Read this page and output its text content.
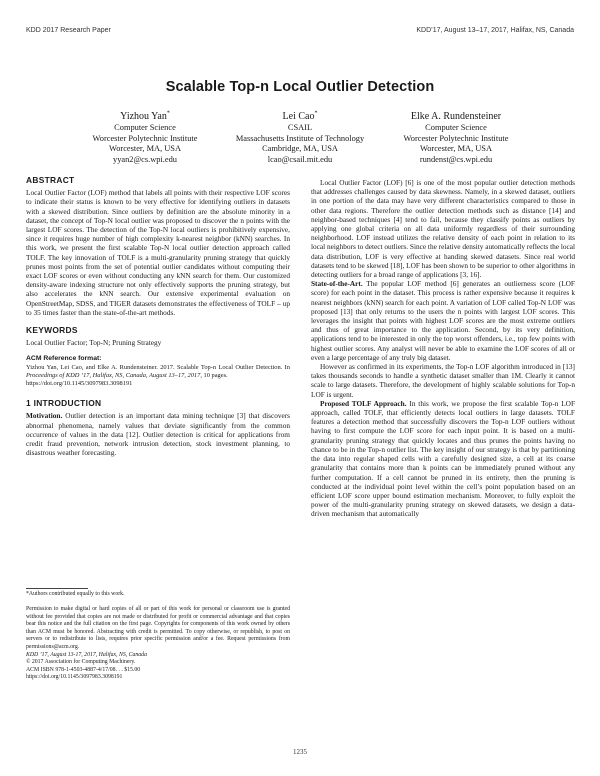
KDD 2017 Research Paper	KDD’17, August 13–17, 2017, Halifax, NS, Canada
Scalable Top-n Local Outlier Detection
Yizhou Yan*
Computer Science
Worcester Polytechnic Institute
Worcester, MA, USA
yyan2@cs.wpi.edu
Lei Cao*
CSAIL
Massachusetts Institute of Technology
Cambridge, MA, USA
lcao@csail.mit.edu
Elke A. Rundensteiner
Computer Science
Worcester Polytechnic Institute
Worcester, MA, USA
rundenst@cs.wpi.edu
ABSTRACT

Local Outlier Factor (LOF) method that labels all points with their respective LOF scores to indicate their status is known to be very effective for identifying outliers in datasets with a skewed distribution. Since outliers by definition are the absolute minority in a dataset, the concept of Top-N local outlier was proposed to discover the n points with the largest LOF scores. The detection of the Top-N local outliers is prohibitively expensive, since it requires huge number of high complexity k-nearest neighbor (kNN) searches. In this work, we present the first scalable Top-N local outlier detection approach called TOLF. The key innovation of TOLF is a multi-granularity pruning strategy that quickly prunes most points from the set of potential outlier candidates without computing their exact LOF scores or even without conducting any kNN search for them. Our customized density-aware indexing structure not only effectively supports the pruning strategy, but also accelerates the kNN search. Our extensive experimental evaluation on OpenStreetMap, SDSS, and TIGER datasets demonstrates the effectiveness of TOLF – up to 35 times faster than the state-of-the-art methods.

KEYWORDS

Local Outlier Factor; Top-N; Pruning Strategy

ACM Reference format:

Yizhou Yan, Lei Cao, and Elke A. Rundensteiner. 2017. Scalable Top-n Local Outlier Detection. In Proceedings of KDD ’17, Halifax, NS, Canada, August 13–17, 2017, 10 pages.

https://doi.org/10.1145/3097983.3098191

1 INTRODUCTION

Motivation. Outlier detection is an important data mining technique [3] that discovers abnormal phenomena, namely values that deviate significantly from the common occurrence of values in the data [12]. Outlier detection is critical for applications from credit fraud prevention, network intrusion detection, stock investment planning, to disastrous weather forecasting.

*Authors contributed equally to this work.

Permission to make digital or hard copies of all or part of this work for personal or classroom use is granted without fee provided that copies are not made or distributed for profit or commercial advantage and that copies bear this notice and the full citation on the first page. Copyrights for components of this work owned by others than ACM must be honored. Abstracting with credit is permitted. To copy otherwise, or republish, to post on servers or to redistribute to lists, requires prior specific permission and/or a fee. Request permissions from permissions@acm.org.

KDD ’17, August 13-17, 2017, Halifax, NS, Canada

© 2017 Association for Computing Machinery.

ACM ISBN 978-1-4503-4887-4/17/08. . . $15.00

https://doi.org/10.1145/3097983.3098191

Local Outlier Factor (LOF) [6] is one of the most popular outlier detection methods that addresses challenges caused by data skewness. Namely, in a skewed dataset, outliers in one portion of the data may have very different characteristics compared to those in other data regions. Therefore the outlier detection methods such as distance [14] and neighbor-based techniques [4] tend to fail, because they classify points as outliers by applying one global criteria on all data uniformly regardless of their surrounding neighborhood. LOF instead utilizes the relative density of each point in relation to its local neighbors to detect outliers. Since the relative density automatically reflects the local data distribution, LOF is very effective at handing skewed datasets. Since real world datasets tend to be skewed [18], LOF has been shown to be superior to other algorithms in detecting outliers for a broad range of applications [3, 16].

State-of-the-Art. The popular LOF method [6] generates an outlierness score (LOF score) for each point in the dataset. This process is rather expensive because it requires k nearest neighbors (kNN) search for each point. A variation of LOF called Top-N LOF was proposed [13] that only returns to the users the n points with largest LOF scores. This leverages the insight that points with highest LOF scores are the most extreme outliers and thus of great importance to the application. Second, by its very definition, applications tend to be interested in only the top worst offenders, i.e., top few points with highest outlier scores. Any analyst will never be able to examine the LOF scores of all or even a large percentage of any truly big dataset.

However as confirmed in its experiments, the Top-n LOF algorithm introduced in [13] takes thousands seconds to handle a synthetic dataset smaller than 1M. Clearly it cannot scale to large datasets. Therefore, the development of highly scalable solutions for Top-n LOF is urgent.

Proposed TOLF Approach. In this work, we propose the first scalable Top-n LOF approach, called TOLF, that efficiently detects local outliers in large datasets. TOLF features a detection method that successfully discovers the Top-n LOF outliers without having to first compute the LOF score for each input point. It is based on a multi-granularity pruning strategy that quickly locates and thus prunes the points having no chance to be in the Top-n outlier list. The key insight of our strategy is that by partitioning the data into regular shaped cells with a carefully designed size, a cell at its coarse granularity that contains more than k points can be immediately pruned without any further computation. If a cell cannot be pruned in its entirety, then the pruning is conducted at the individual point level within the cell’s point population based on an efficient LOF score upper bound estimation mechanism. Moreover, to fully exploit the power of the multi-granularity pruning strategy on skewed datasets, we design a data-driven mechanism that automatically

1235
